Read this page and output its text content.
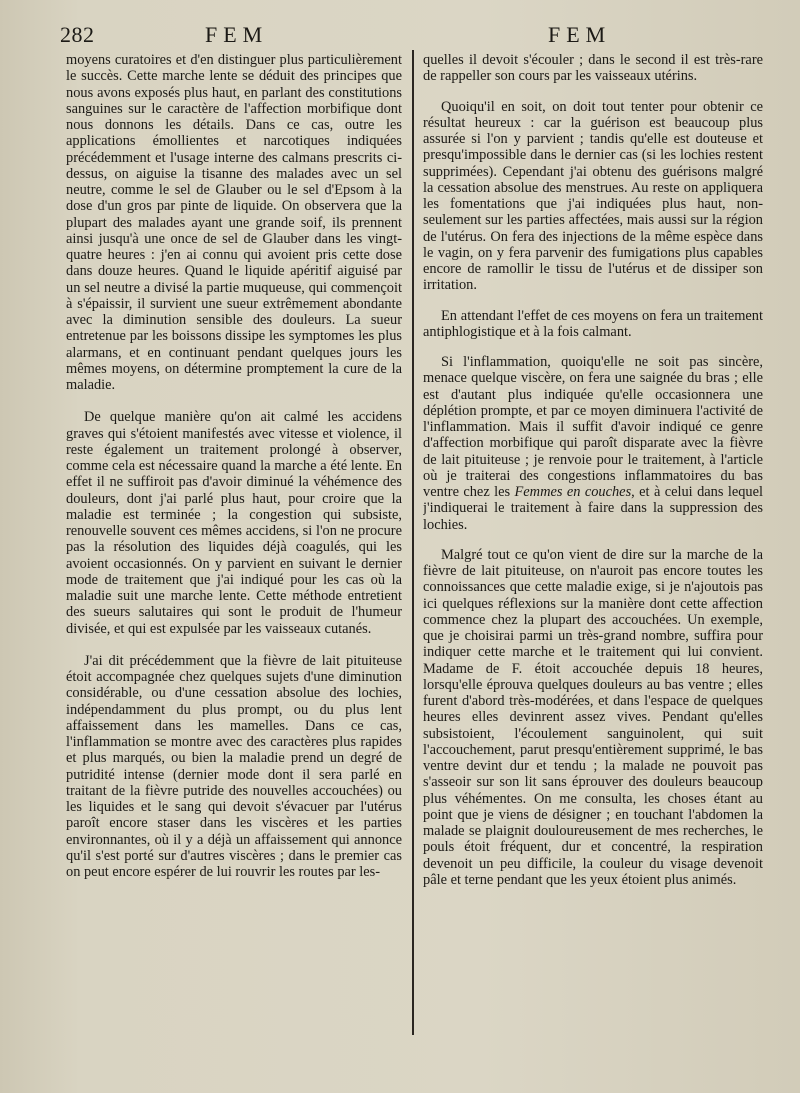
282	FEM	FEM

moyens curatoires et d'en distinguer plus particulièrement le succès. Cette marche lente se déduit des principes que nous avons exposés plus haut, en parlant des constitutions sanguines sur le caractère de l'affection morbifique dont nous donnons les détails. Dans ce cas, outre les applications émollientes et narcotiques indiquées précédemment et l'usage interne des calmans prescrits ci-dessus, on aiguise la tisanne des malades avec un sel neutre, comme le sel de Glauber ou le sel d'Epsom à la dose d'un gros par pinte de liquide. On observera que la plupart des malades ayant une grande soif, ils prennent ainsi jusqu'à une once de sel de Glauber dans les vingt-quatre heures : j'en ai connu qui avoient pris cette dose dans douze heures. Quand le liquide apéritif aiguisé par un sel neutre a divisé la partie muqueuse, qui commençoit à s'épaissir, il survient une sueur extrêmement abondante avec la diminution sensible des douleurs. La sueur entretenue par les boissons dissipe les symptomes les plus alarmans, et en continuant pendant quelques jours les mêmes moyens, on détermine promptement la cure de la maladie.

De quelque manière qu'on ait calmé les accidens graves qui s'étoient manifestés avec vitesse et violence, il reste également un traitement prolongé à observer, comme cela est nécessaire quand la marche a été lente. En effet il ne suffiroit pas d'avoir diminué la véhémence des douleurs, dont j'ai parlé plus haut, pour croire que la maladie est terminée ; la congestion qui subsiste, renouvelle souvent ces mêmes accidens, si l'on ne procure pas la résolution des liquides déjà coagulés, qui les avoient occasionnés. On y parvient en suivant le dernier mode de traitement que j'ai indiqué pour les cas où la maladie suit une marche lente. Cette méthode entretient des sueurs salutaires qui sont le produit de l'humeur divisée, et qui est expulsée par les vaisseaux cutanés.

J'ai dit précédemment que la fièvre de lait pituiteuse étoit accompagnée chez quelques sujets d'une diminution considérable, ou d'une cessation absolue des lochies, indépendamment du plus prompt, ou du plus lent affaissement dans les mamelles. Dans ce cas, l'inflammation se montre avec des caractères plus rapides et plus marqués, ou bien la maladie prend un degré de putridité intense (dernier mode dont il sera parlé en traitant de la fièvre putride des nouvelles accouchées) ou les liquides et le sang qui devoit s'évacuer par l'utérus paroît encore staser dans les viscères et les parties environnantes, où il y a déjà un affaissement qui annonce qu'il s'est porté sur d'autres viscères ; dans le premier cas on peut encore espérer de lui rouvrir les routes par les-

quelles il devoit s'écouler ; dans le second il est très-rare de rappeller son cours par les vaisseaux utérins.

Quoiqu'il en soit, on doit tout tenter pour obtenir ce résultat heureux : car la guérison est beaucoup plus assurée si l'on y parvient ; tandis qu'elle est douteuse et presqu'impossible dans le dernier cas (si les lochies restent supprimées). Cependant j'ai obtenu des guérisons malgré la cessation absolue des menstrues. Au reste on appliquera les fomentations que j'ai indiquées plus haut, non-seulement sur les parties affectées, mais aussi sur la région de l'utérus. On fera des injections de la même espèce dans le vagin, on y fera parvenir des fumigations plus capables encore de ramollir le tissu de l'utérus et de dissiper son irritation.

En attendant l'effet de ces moyens on fera un traitement antiphlogistique et à la fois calmant.

Si l'inflammation, quoiqu'elle ne soit pas sincère, menace quelque viscère, on fera une saignée du bras ; elle est d'autant plus indiquée qu'elle occasionnera une déplétion prompte, et par ce moyen diminuera l'activité de l'inflammation. Mais il suffit d'avoir indiqué ce genre d'affection morbifique qui paroît disparate avec la fièvre de lait pituiteuse ; je renvoie pour le traitement, à l'article où je traiterai des congestions inflammatoires du bas ventre chez les Femmes en couches, et à celui dans lequel j'indiquerai le traitement à faire dans la suppression des lochies.

Malgré tout ce qu'on vient de dire sur la marche de la fièvre de lait pituiteuse, on n'auroit pas encore toutes les connoissances que cette maladie exige, si je n'ajoutois pas ici quelques réflexions sur la manière dont cette affection commence chez la plupart des accouchées. Un exemple, que je choisirai parmi un très-grand nombre, suffira pour indiquer cette marche et le traitement qui lui convient. Madame de F. étoit accouchée depuis 18 heures, lorsqu'elle éprouva quelques douleurs au bas ventre ; elles furent d'abord très-modérées, et dans l'espace de quelques heures elles devinrent assez vives. Pendant qu'elles subsistoient, l'écoulement sanguinolent, qui suit l'accouchement, parut presqu'entièrement supprimé, le bas ventre devint dur et tendu ; la malade ne pouvoit pas s'asseoir sur son lit sans éprouver des douleurs beaucoup plus véhémentes. On me consulta, les choses étant au point que je viens de désigner ; en touchant l'abdomen la malade se plaignit douloureusement de mes recherches, le pouls étoit fréquent, dur et concentré, la respiration devenoit un peu difficile, la couleur du visage devenoit pâle et terne pendant que les yeux étoient plus animés.
